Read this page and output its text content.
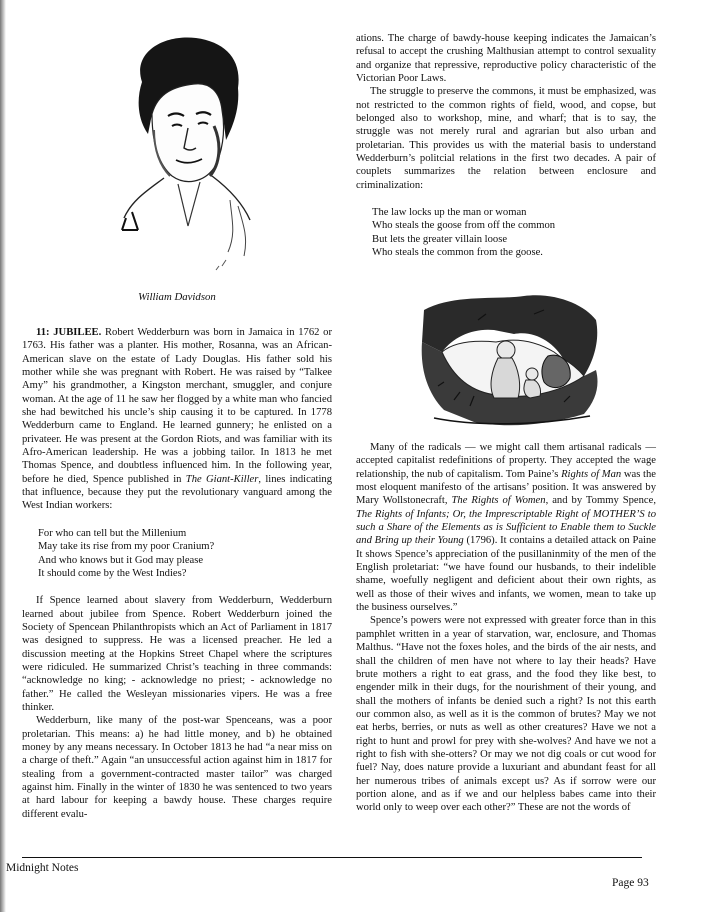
William Davidson

11: JUBILEE. Robert Wedderburn was born in Jamaica in 1762 or 1763. His father was a planter. His mother, Rosanna, was an African-American slave on the estate of Lady Douglas. His father sold his mother while she was pregnant with Robert. He was raised by “Talkee Amy” his grandmother, a Kingston merchant, smuggler, and conjure woman. At the age of 11 he saw her flogged by a white man who fancied she had bewitched his uncle’s ship causing it to be captured. In 1778 Wedderburn came to England. He learned gunnery; he enlisted on a privateer. He was present at the Gordon Riots, and was familiar with its Afro-American leadership. He was a jobbing tailor. In 1813 he met Thomas Spence, and doubtless influenced him. In the following year, before he died, Spence published in The Giant-Killer, lines indicating that influence, because they put the revolutionary vanguard among the West Indian workers:

For who can tell but the Millenium
May take its rise from my poor Cranium?
And who knows but it God may please
It should come by the West Indies?

If Spence learned about slavery from Wedderburn, Wedderburn learned about jubilee from Spence. Robert Wedderburn joined the Society of Spencean Philanthropists which an Act of Parliament in 1817 was designed to suppress. He was a licensed preacher. He led a discussion meeting at the Hopkins Street Chapel where the scriptures were ridiculed. He summarized Christ’s teaching in three commands: “acknowledge no king; - acknowledge no priest; - acknowledge no father.” He called the Wesleyan missionaries vipers. He was a free thinker.

Wedderburn, like many of the post-war Spenceans, was a poor proletarian. This means: a) he had little money, and b) he obtained money by any means necessary. In October 1813 he had “a near miss on a charge of theft.” Again “an unsuccessful action against him in 1817 for stealing from a government-contracted master tailor” was charged against him. Finally in the winter of 1830 he was sentenced to two years at hard labour for keeping a bawdy house. These charges require different evalu-

ations. The charge of bawdy-house keeping indicates the Jamaican’s refusal to accept the crushing Malthusian attempt to control sexuality and organize that repressive, reproductive policy characteristic of the Victorian Poor Laws.

The struggle to preserve the commons, it must be emphasized, was not restricted to the common rights of field, wood, and copse, but belonged also to workshop, mine, and wharf; that is to say, the struggle was not merely rural and agrarian but also urban and proletarian. This provides us with the material basis to understand Wedderburn’s politcial relations in the first two decades. A pair of couplets summarizes the relation between enclosure and criminalization:

The law locks up the man or woman
Who steals the goose from off the common
But lets the greater villain loose
Who steals the common from the goose.

Many of the radicals — we might call them artisanal radicals — accepted capitalist redefinitions of property. They accepted the wage relationship, the nub of capitalism. Tom Paine’s Rights of Man was the most eloquent manifesto of the artisans’ position. It was answered by Mary Wollstonecraft, The Rights of Women, and by Tommy Spence, The Rights of Infants; Or, the Imprescriptable Right of MOTHER’S to such a Share of the Elements as is Sufficient to Enable them to Suckle and Bring up their Young (1796). It contains a detailed attack on Paine It shows Spence’s appreciation of the pusillaninmity of the men of the English proletariat: “we have found our husbands, to their indelible shame, woefully negligent and deficient about their own rights, as well as those of their wives and infants, we women, mean to take up the business ourselves.”

Spence’s powers were not expressed with greater force than in this pamphlet written in a year of starvation, war, enclosure, and Thomas Malthus. “Have not the foxes holes, and the birds of the air nests, and shall the children of men have not where to lay their heads? Have brute mothers a right to eat grass, and the food they like best, to engender milk in their dugs, for the nourishment of their young, and shall the mothers of infants be denied such a right? Is not this earth our common also, as well as it is the common of brutes? May we not eat herbs, berries, or nuts as well as other creatures? Have we not a right to hunt and prowl for prey with she-wolves? And have we not a right to fish with she-otters? Or may we not dig coals or cut wood for fuel? Nay, does nature provide a luxuriant and abundant feast for all her numerous tribes of animals except us? As if sorrow were our portion alone, and as if we and our helpless babes came into their world only to weep over each other?” These are not the words of

Midnight Notes
Page 93
